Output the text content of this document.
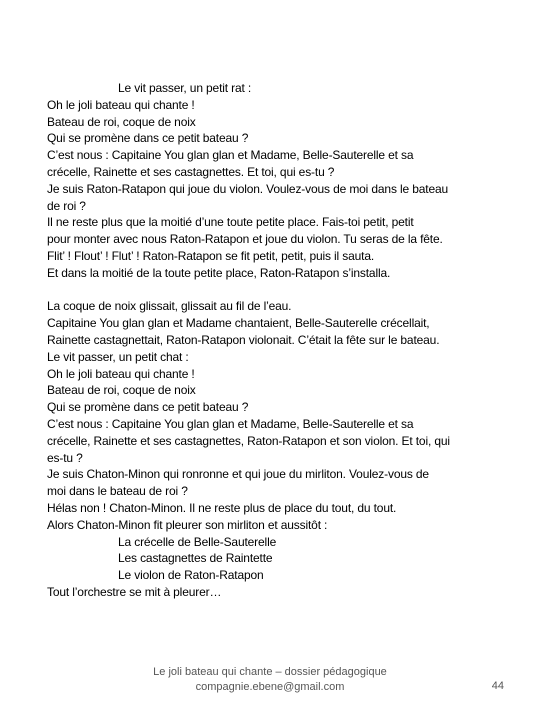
Le vit passer, un petit rat :
Oh le joli bateau qui chante !
Bateau de roi, coque de noix
Qui se promène dans ce petit bateau ?
C’est nous : Capitaine You glan glan et Madame, Belle-Sauterelle et sa
crécelle, Rainette et ses castagnettes. Et toi, qui es-tu ?
Je suis Raton-Ratapon qui joue du violon. Voulez-vous de moi dans le bateau
de roi ?
Il ne reste plus que la moitié d’une toute petite place. Fais-toi petit, petit
pour monter avec nous Raton-Ratapon et joue du violon. Tu seras de la fête.
Flit’ ! Flout’ ! Flut’ ! Raton-Ratapon se fit petit, petit, puis il sauta.
Et dans la moitié de la toute petite place, Raton-Ratapon s’installa.
La coque de noix glissait, glissait au fil de l’eau.
Capitaine You glan glan et Madame chantaient, Belle-Sauterelle crécellait,
Rainette castagnettait, Raton-Ratapon violonait. C’était la fête sur le bateau.
Le vit passer, un petit chat :
Oh le joli bateau qui chante !
Bateau de roi, coque de noix
Qui se promène dans ce petit bateau ?
C’est nous : Capitaine You glan glan et Madame, Belle-Sauterelle et sa
crécelle, Rainette et ses castagnettes, Raton-Ratapon et son violon. Et toi, qui
es-tu ?
Je suis Chaton-Minon qui ronronne et qui joue du mirliton. Voulez-vous de
moi dans le bateau de roi ?
Hélas non ! Chaton-Minon. Il ne reste plus de place du tout, du tout.
Alors Chaton-Minon fit pleurer son mirliton et aussitôt :
La crécelle de Belle-Sauterelle
Les castagnettes de Raintette
Le violon de Raton-Ratapon
Tout l’orchestre se mit à pleurer…
Le joli bateau qui chante – dossier pédagogique
compagnie.ebene@gmail.com	44
